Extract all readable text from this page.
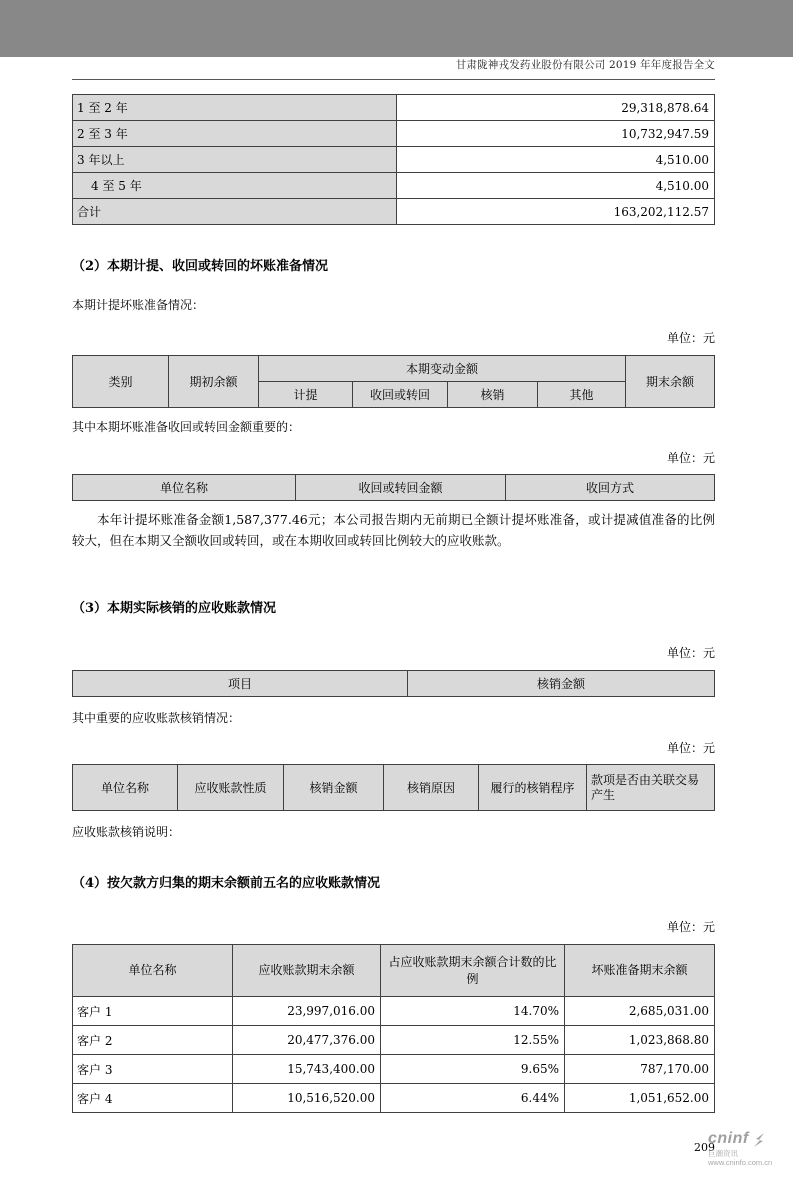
甘肃陇神戎发药业股份有限公司 2019 年年度报告全文
1 至 2 年	29,318,878.64
2 至 3 年	10,732,947.59
3 年以上	4,510.00
4 至 5 年	4,510.00
合计	163,202,112.57
（2）本期计提、收回或转回的坏账准备情况
本期计提坏账准备情况：
单位：元
类别	期初余额	本期变动金额				期末余额
		计提	收回或转回	核销	其他	
其中本期坏账准备收回或转回金额重要的：
单位：元
单位名称	收回或转回金额	收回方式
本年计提坏账准备金额1,587,377.46元；本公司报告期内无前期已全额计提坏账准备，或计提减值准备的比例较大，但在本期又全额收回或转回，或在本期收回或转回比例较大的应收账款。
（3）本期实际核销的应收账款情况
单位：元
项目	核销金额
其中重要的应收账款核销情况：
单位：元
单位名称	应收账款性质	核销金额	核销原因	履行的核销程序	款项是否由关联交易产生
应收账款核销说明：
（4）按欠款方归集的期末余额前五名的应收账款情况
单位：元
单位名称	应收账款期末余额	占应收账款期末余额合计数的比例	坏账准备期末余额
客户 1	23,997,016.00	14.70%	2,685,031.00
客户 2	20,477,376.00	12.55%	1,023,868.80
客户 3	15,743,400.00	9.65%	787,170.00
客户 4	10,516,520.00	6.44%	1,051,652.00
209
cninf
巨潮资讯
www.cninfo.com.cn
